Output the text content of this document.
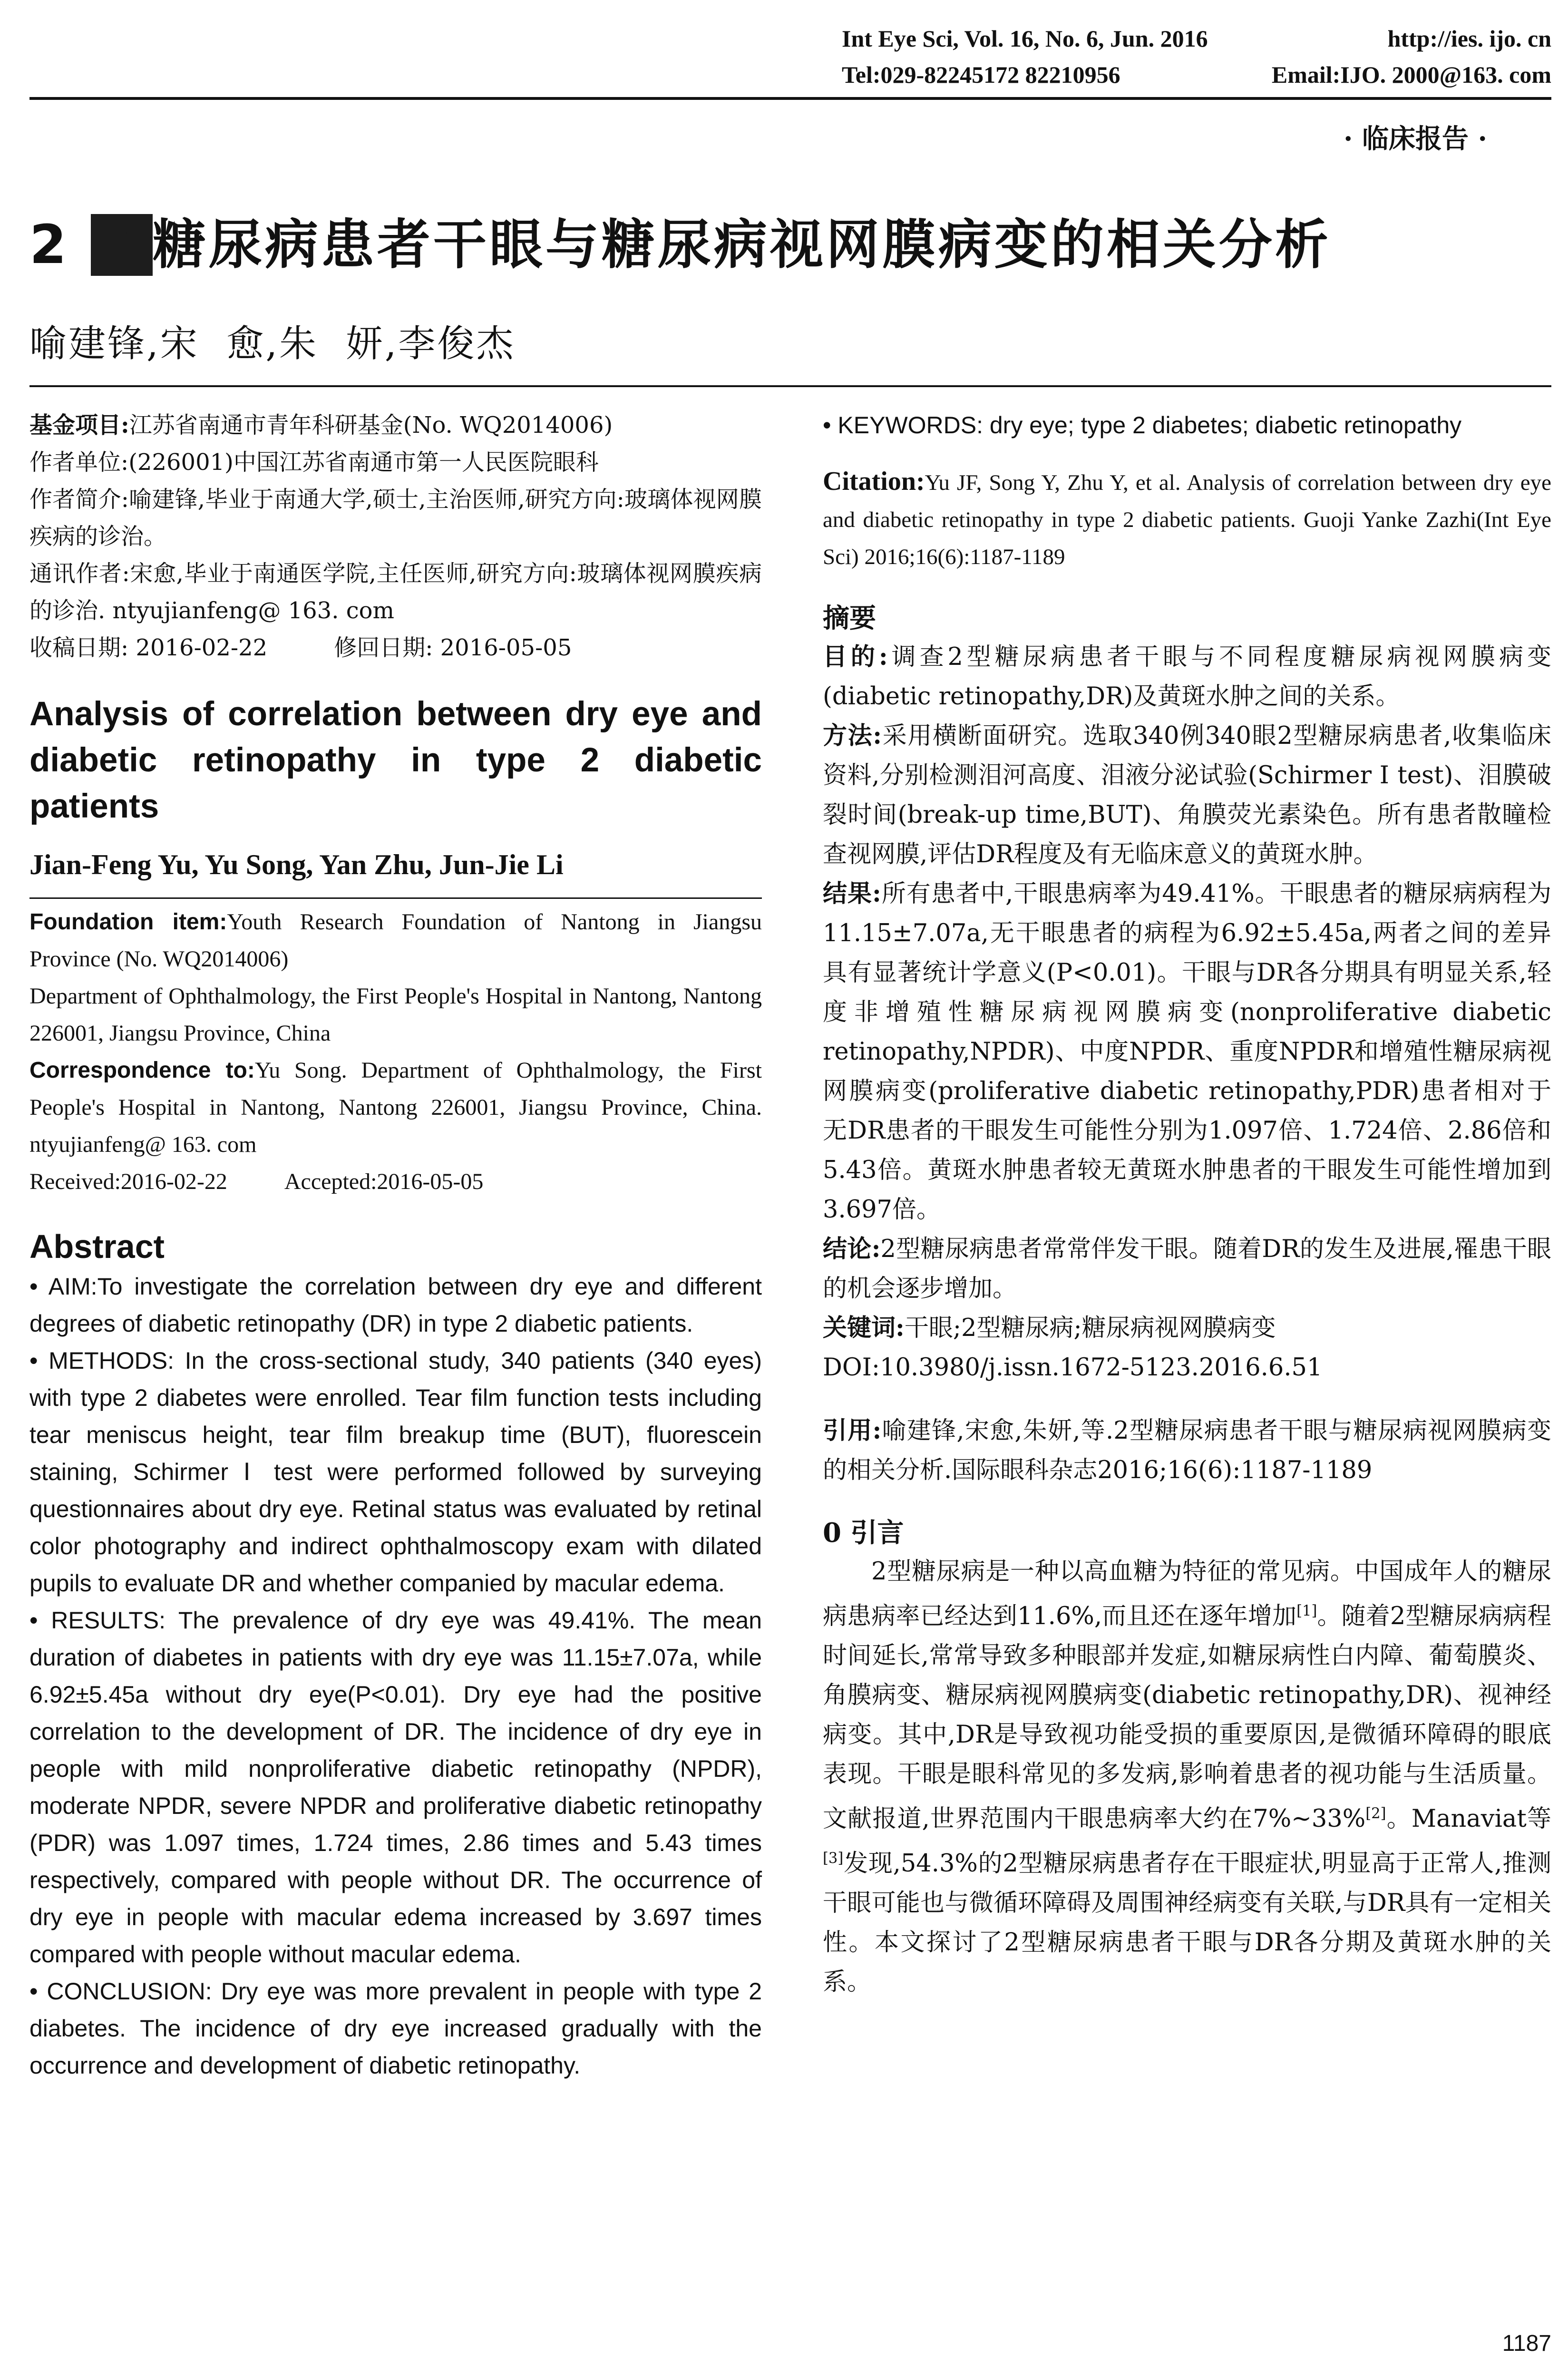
Int Eye Sci, Vol. 16, No. 6, Jun. 2016	http://ies. ijo. cn
Tel:029-82245172 82210956	Email:IJO. 2000@163. com
· 临床报告 ·
2 型糖尿病患者干眼与糖尿病视网膜病变的相关分析
喻建锋,宋  愈,朱  妍,李俊杰
基金项目:江苏省南通市青年科研基金(No. WQ2014006)
作者单位:(226001)中国江苏省南通市第一人民医院眼科
作者简介:喻建锋,毕业于南通大学,硕士,主治医师,研究方向:玻璃体视网膜疾病的诊治。
通讯作者:宋愈,毕业于南通医学院,主任医师,研究方向:玻璃体视网膜疾病的诊治. ntyujianfeng@ 163. com
收稿日期: 2016-02-22	修回日期: 2016-05-05
Analysis of correlation between dry eye and diabetic retinopathy in type 2 diabetic patients
Jian-Feng Yu, Yu Song, Yan Zhu, Jun-Jie Li
Foundation item:Youth Research Foundation of Nantong in Jiangsu Province (No. WQ2014006)
Department of Ophthalmology, the First People's Hospital in Nantong, Nantong 226001, Jiangsu Province, China
Correspondence to:Yu Song. Department of Ophthalmology, the First People's Hospital in Nantong, Nantong 226001, Jiangsu Province, China. ntyujianfeng@ 163. com
Received:2016-02-22	Accepted:2016-05-05
Abstract

• AIM:To investigate the correlation between dry eye and different degrees of diabetic retinopathy (DR) in type 2 diabetic patients.

• METHODS: In the cross-sectional study, 340 patients (340 eyes) with type 2 diabetes were enrolled. Tear film function tests including tear meniscus height, tear film breakup time (BUT), fluorescein staining, Schirmer Ⅰ test were performed followed by surveying questionnaires about dry eye. Retinal status was evaluated by retinal color photography and indirect ophthalmoscopy exam with dilated pupils to evaluate DR and whether companied by macular edema.

• RESULTS: The prevalence of dry eye was 49.41%. The mean duration of diabetes in patients with dry eye was 11.15±7.07a, while 6.92±5.45a without dry eye(P<0.01). Dry eye had the positive correlation to the development of DR. The incidence of dry eye in people with mild nonproliferative diabetic retinopathy (NPDR), moderate NPDR, severe NPDR and proliferative diabetic retinopathy (PDR) was 1.097 times, 1.724 times, 2.86 times and 5.43 times respectively, compared with people without DR. The occurrence of dry eye in people with macular edema increased by 3.697 times compared with people without macular edema.

• CONCLUSION: Dry eye was more prevalent in people with type 2 diabetes. The incidence of dry eye increased gradually with the occurrence and development of diabetic retinopathy.

• KEYWORDS: dry eye; type 2 diabetes; diabetic retinopathy
Citation:Yu JF, Song Y, Zhu Y, et al. Analysis of correlation between dry eye and diabetic retinopathy in type 2 diabetic patients. Guoji Yanke Zazhi(Int Eye Sci) 2016;16(6):1187-1189
摘要

目的:调查2型糖尿病患者干眼与不同程度糖尿病视网膜病变(diabetic retinopathy,DR)及黄斑水肿之间的关系。

方法:采用横断面研究。选取340例340眼2型糖尿病患者,收集临床资料,分别检测泪河高度、泪液分泌试验(Schirmer Ⅰ test)、泪膜破裂时间(break-up time,BUT)、角膜荧光素染色。所有患者散瞳检查视网膜,评估DR程度及有无临床意义的黄斑水肿。

结果:所有患者中,干眼患病率为49.41%。干眼患者的糖尿病病程为11.15±7.07a,无干眼患者的病程为6.92±5.45a,两者之间的差异具有显著统计学意义(P<0.01)。干眼与DR各分期具有明显关系,轻度非增殖性糖尿病视网膜病变(nonproliferative diabetic retinopathy,NPDR)、中度NPDR、重度NPDR和增殖性糖尿病视网膜病变(proliferative diabetic retinopathy,PDR)患者相对于无DR患者的干眼发生可能性分别为1.097倍、1.724倍、2.86倍和5.43倍。黄斑水肿患者较无黄斑水肿患者的干眼发生可能性增加到3.697倍。

结论:2型糖尿病患者常常伴发干眼。随着DR的发生及进展,罹患干眼的机会逐步增加。

关键词:干眼;2型糖尿病;糖尿病视网膜病变

DOI:10.3980/j.issn.1672-5123.2016.6.51

引用:喻建锋,宋愈,朱妍,等.2型糖尿病患者干眼与糖尿病视网膜病变的相关分析.国际眼科杂志2016;16(6):1187-1189

0 引言

2型糖尿病是一种以高血糖为特征的常见病。中国成年人的糖尿病患病率已经达到11.6%,而且还在逐年增加[1]。随着2型糖尿病病程时间延长,常常导致多种眼部并发症,如糖尿病性白内障、葡萄膜炎、角膜病变、糖尿病视网膜病变(diabetic retinopathy,DR)、视神经病变。其中,DR是导致视功能受损的重要原因,是微循环障碍的眼底表现。干眼是眼科常见的多发病,影响着患者的视功能与生活质量。文献报道,世界范围内干眼患病率大约在7%~33%[2]。Manaviat等[3]发现,54.3%的2型糖尿病患者存在干眼症状,明显高于正常人,推测干眼可能也与微循环障碍及周围神经病变有关联,与DR具有一定相关性。本文探讨了2型糖尿病患者干眼与DR各分期及黄斑水肿的关系。

1187
